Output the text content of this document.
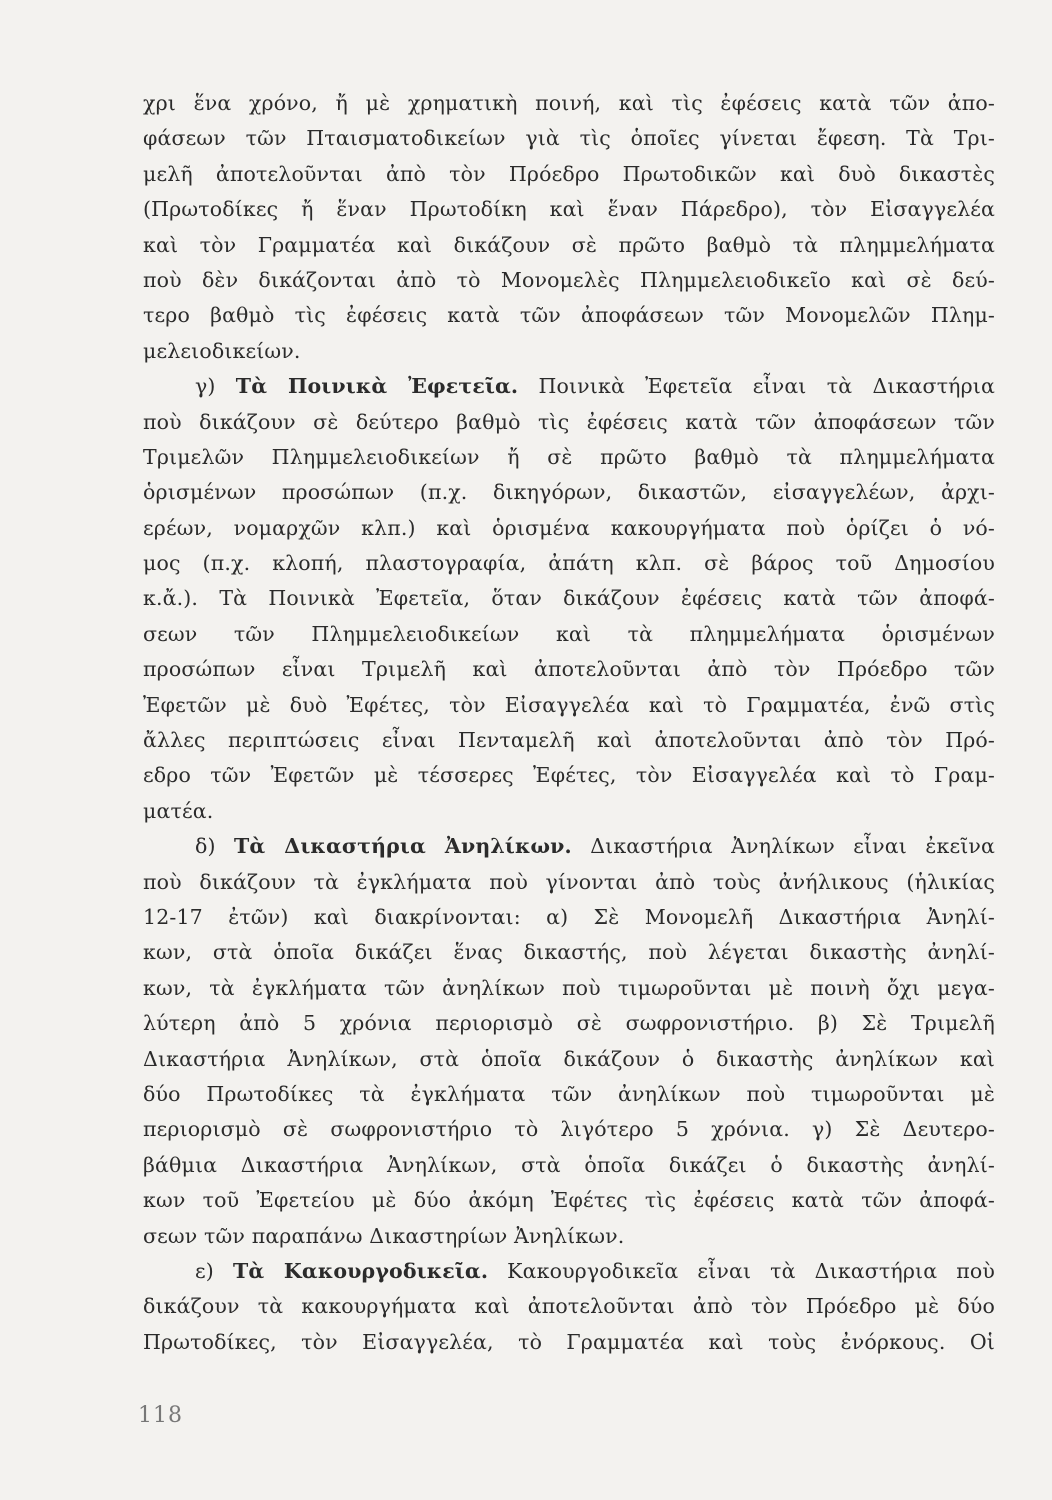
χρι ἕνα χρόνο, ἤ μὲ χρηματικὴ ποινή, καὶ τὶς ἐφέσεις κατὰ τῶν ἀπο-
φάσεων τῶν Πταισματοδικείων γιὰ τὶς ὁποῖες γίνεται ἔφεση. Τὰ Τρι-
μελῆ ἀποτελοῦνται ἀπὸ τὸν Πρόεδρο Πρωτοδικῶν καὶ δυὸ δικαστὲς
(Πρωτοδίκες ἤ ἕναν Πρωτοδίκη καὶ ἕναν Πάρεδρο), τὸν Εἰσαγγελέα
καὶ τὸν Γραμματέα καὶ δικάζουν σὲ πρῶτο βαθμὸ τὰ πλημμελήματα
ποὺ δὲν δικάζονται ἀπὸ τὸ Μονομελὲς Πλημμελειοδικεῖο καὶ σὲ δεύ-
τερο βαθμὸ τὶς ἐφέσεις κατὰ τῶν ἀποφάσεων τῶν Μονομελῶν Πλημ-
μελειοδικείων.
γ) Τὰ Ποινικὰ Ἐφετεῖα. Ποινικὰ Ἐφετεῖα εἶναι τὰ Δικαστήρια
ποὺ δικάζουν σὲ δεύτερο βαθμὸ τὶς ἐφέσεις κατὰ τῶν ἀποφάσεων τῶν
Τριμελῶν Πλημμελειοδικείων ἤ σὲ πρῶτο βαθμὸ τὰ πλημμελήματα
ὁρισμένων προσώπων (π.χ. δικηγόρων, δικαστῶν, εἰσαγγελέων, ἀρχι-
ερέων, νομαρχῶν κλπ.) καὶ ὁρισμένα κακουργήματα ποὺ ὁρίζει ὁ νό-
μος (π.χ. κλοπή, πλαστογραφία, ἀπάτη κλπ. σὲ βάρος τοῦ Δημοσίου
κ.ἄ.). Τὰ Ποινικὰ Ἐφετεῖα, ὅταν δικάζουν ἐφέσεις κατὰ τῶν ἀποφά-
σεων τῶν Πλημμελειοδικείων καὶ τὰ πλημμελήματα ὁρισμένων
προσώπων εἶναι Τριμελῆ καὶ ἀποτελοῦνται ἀπὸ τὸν Πρόεδρο τῶν
Ἐφετῶν μὲ δυὸ Ἐφέτες, τὸν Εἰσαγγελέα καὶ τὸ Γραμματέα, ἐνῶ στὶς
ἄλλες περιπτώσεις εἶναι Πενταμελῆ καὶ ἀποτελοῦνται ἀπὸ τὸν Πρό-
εδρο τῶν Ἐφετῶν μὲ τέσσερες Ἐφέτες, τὸν Εἰσαγγελέα καὶ τὸ Γραμ-
ματέα.
δ) Τὰ Δικαστήρια Ἀνηλίκων. Δικαστήρια Ἀνηλίκων εἶναι ἐκεῖνα
ποὺ δικάζουν τὰ ἐγκλήματα ποὺ γίνονται ἀπὸ τοὺς ἀνήλικους (ἡλικίας
12-17 ἐτῶν) καὶ διακρίνονται: α) Σὲ Μονομελῆ Δικαστήρια Ἀνηλί-
κων, στὰ ὁποῖα δικάζει ἕνας δικαστής, ποὺ λέγεται δικαστὴς ἀνηλί-
κων, τὰ ἐγκλήματα τῶν ἀνηλίκων ποὺ τιμωροῦνται μὲ ποινὴ ὄχι μεγα-
λύτερη ἀπὸ 5 χρόνια περιορισμὸ σὲ σωφρονιστήριο. β) Σὲ Τριμελῆ
Δικαστήρια Ἀνηλίκων, στὰ ὁποῖα δικάζουν ὁ δικαστὴς ἀνηλίκων καὶ
δύο Πρωτοδίκες τὰ ἐγκλήματα τῶν ἀνηλίκων ποὺ τιμωροῦνται μὲ
περιορισμὸ σὲ σωφρονιστήριο τὸ λιγότερο 5 χρόνια. γ) Σὲ Δευτερο-
βάθμια Δικαστήρια Ἀνηλίκων, στὰ ὁποῖα δικάζει ὁ δικαστὴς ἀνηλί-
κων τοῦ Ἐφετείου μὲ δύο ἀκόμη Ἐφέτες τὶς ἐφέσεις κατὰ τῶν ἀποφά-
σεων τῶν παραπάνω Δικαστηρίων Ἀνηλίκων.
ε) Τὰ Κακουργοδικεῖα. Κακουργοδικεῖα εἶναι τὰ Δικαστήρια ποὺ
δικάζουν τὰ κακουργήματα καὶ ἀποτελοῦνται ἀπὸ τὸν Πρόεδρο μὲ δύο
Πρωτοδίκες, τὸν Εἰσαγγελέα, τὸ Γραμματέα καὶ τοὺς ἐνόρκους. Οἱ
118
